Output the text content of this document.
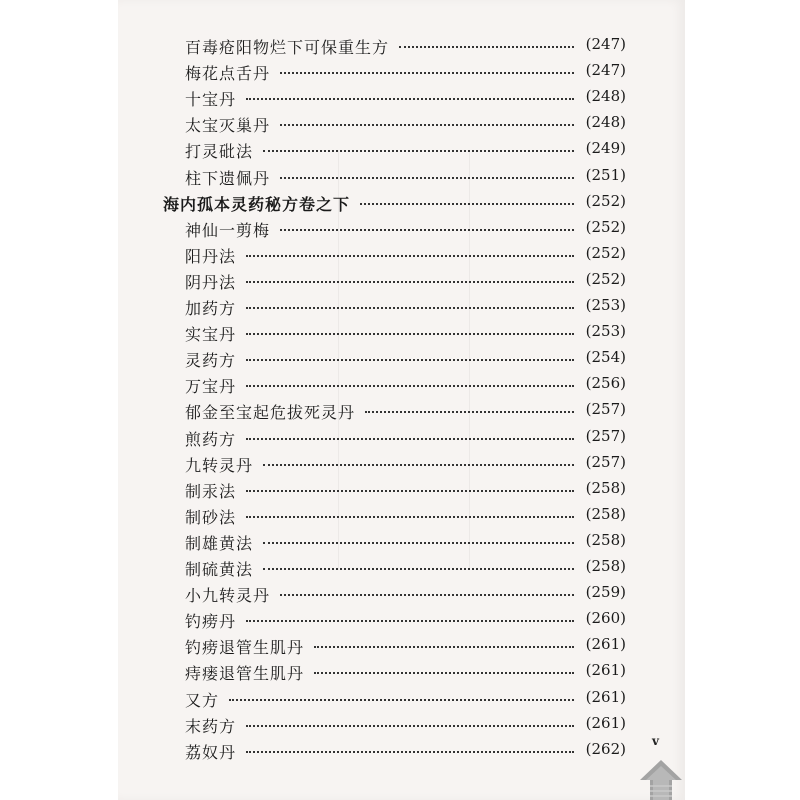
百毒疮阳物烂下可保重生方	(247)
梅花点舌丹	(247)
十宝丹	(248)
太宝灭巢丹	(248)
打灵砒法	(249)
柱下遗佩丹	(251)
海内孤本灵药秘方卷之下	(252)
神仙一剪梅	(252)
阳丹法	(252)
阴丹法	(252)
加药方	(253)
实宝丹	(253)
灵药方	(254)
万宝丹	(256)
郁金至宝起危拔死灵丹	(257)
煎药方	(257)
九转灵丹	(257)
制汞法	(258)
制砂法	(258)
制雄黄法	(258)
制硫黄法	(258)
小九转灵丹	(259)
钓痨丹	(260)
钓痨退管生肌丹	(261)
痔瘘退管生肌丹	(261)
又方	(261)
末药方	(261)
荔奴丹	(262) v
